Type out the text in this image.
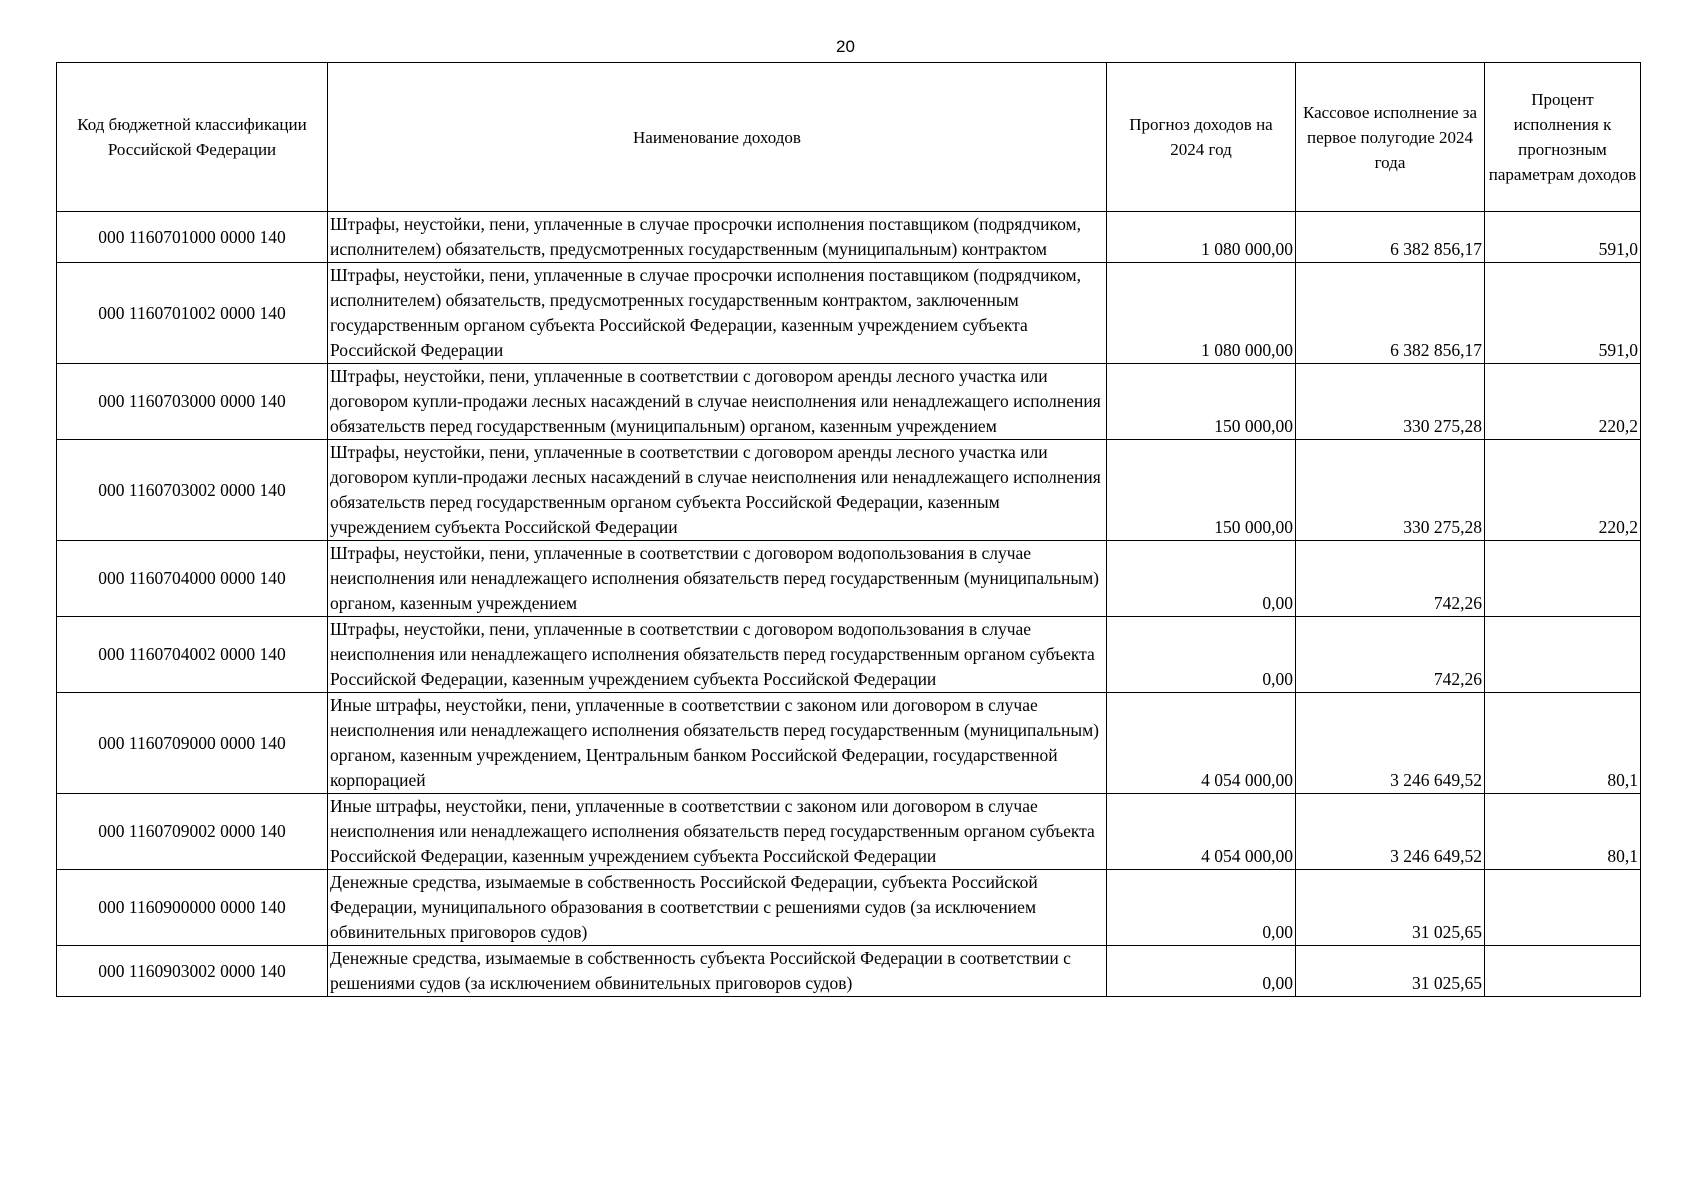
20
Код бюджетной классификации Российской Федерации	Наименование доходов	Прогноз доходов на 2024 год	Кассовое исполнение за первое полугодие 2024 года	Процент исполнения к прогнозным параметрам доходов
000 1160701000 0000 140	Штрафы, неустойки, пени, уплаченные в случае просрочки исполнения поставщиком (подрядчиком, исполнителем) обязательств, предусмотренных государственным (муниципальным) контрактом	1 080 000,00	6 382 856,17	591,0
000 1160701002 0000 140	Штрафы, неустойки, пени, уплаченные в случае просрочки исполнения поставщиком (подрядчиком, исполнителем) обязательств, предусмотренных государственным контрактом, заключенным государственным органом субъекта Российской Федерации, казенным учреждением субъекта Российской Федерации	1 080 000,00	6 382 856,17	591,0
000 1160703000 0000 140	Штрафы, неустойки, пени, уплаченные в соответствии с договором аренды лесного участка или договором купли-продажи лесных насаждений в случае неисполнения или ненадлежащего исполнения обязательств перед государственным (муниципальным) органом, казенным учреждением	150 000,00	330 275,28	220,2
000 1160703002 0000 140	Штрафы, неустойки, пени, уплаченные в соответствии с договором аренды лесного участка или договором купли-продажи лесных насаждений в случае неисполнения или ненадлежащего исполнения обязательств перед государственным органом субъекта Российской Федерации, казенным учреждением субъекта Российской Федерации	150 000,00	330 275,28	220,2
000 1160704000 0000 140	Штрафы, неустойки, пени, уплаченные в соответствии с договором водопользования в случае неисполнения или ненадлежащего исполнения обязательств перед государственным (муниципальным) органом, казенным учреждением	0,00	742,26	
000 1160704002 0000 140	Штрафы, неустойки, пени, уплаченные в соответствии с договором водопользования в случае неисполнения или ненадлежащего исполнения обязательств перед государственным органом субъекта Российской Федерации, казенным учреждением субъекта Российской Федерации	0,00	742,26	
000 1160709000 0000 140	Иные штрафы, неустойки, пени, уплаченные в соответствии с законом или договором в случае неисполнения или ненадлежащего исполнения обязательств перед государственным (муниципальным) органом, казенным учреждением, Центральным банком Российской Федерации, государственной корпорацией	4 054 000,00	3 246 649,52	80,1
000 1160709002 0000 140	Иные штрафы, неустойки, пени, уплаченные в соответствии с законом или договором в случае неисполнения или ненадлежащего исполнения обязательств перед государственным органом субъекта Российской Федерации, казенным учреждением субъекта Российской Федерации	4 054 000,00	3 246 649,52	80,1
000 1160900000 0000 140	Денежные средства, изымаемые в собственность Российской Федерации, субъекта Российской Федерации, муниципального образования в соответствии с решениями судов (за исключением обвинительных приговоров судов)	0,00	31 025,65	
000 1160903002 0000 140	Денежные средства, изымаемые в собственность субъекта Российской Федерации в соответствии с решениями судов (за исключением обвинительных приговоров судов)	0,00	31 025,65	
